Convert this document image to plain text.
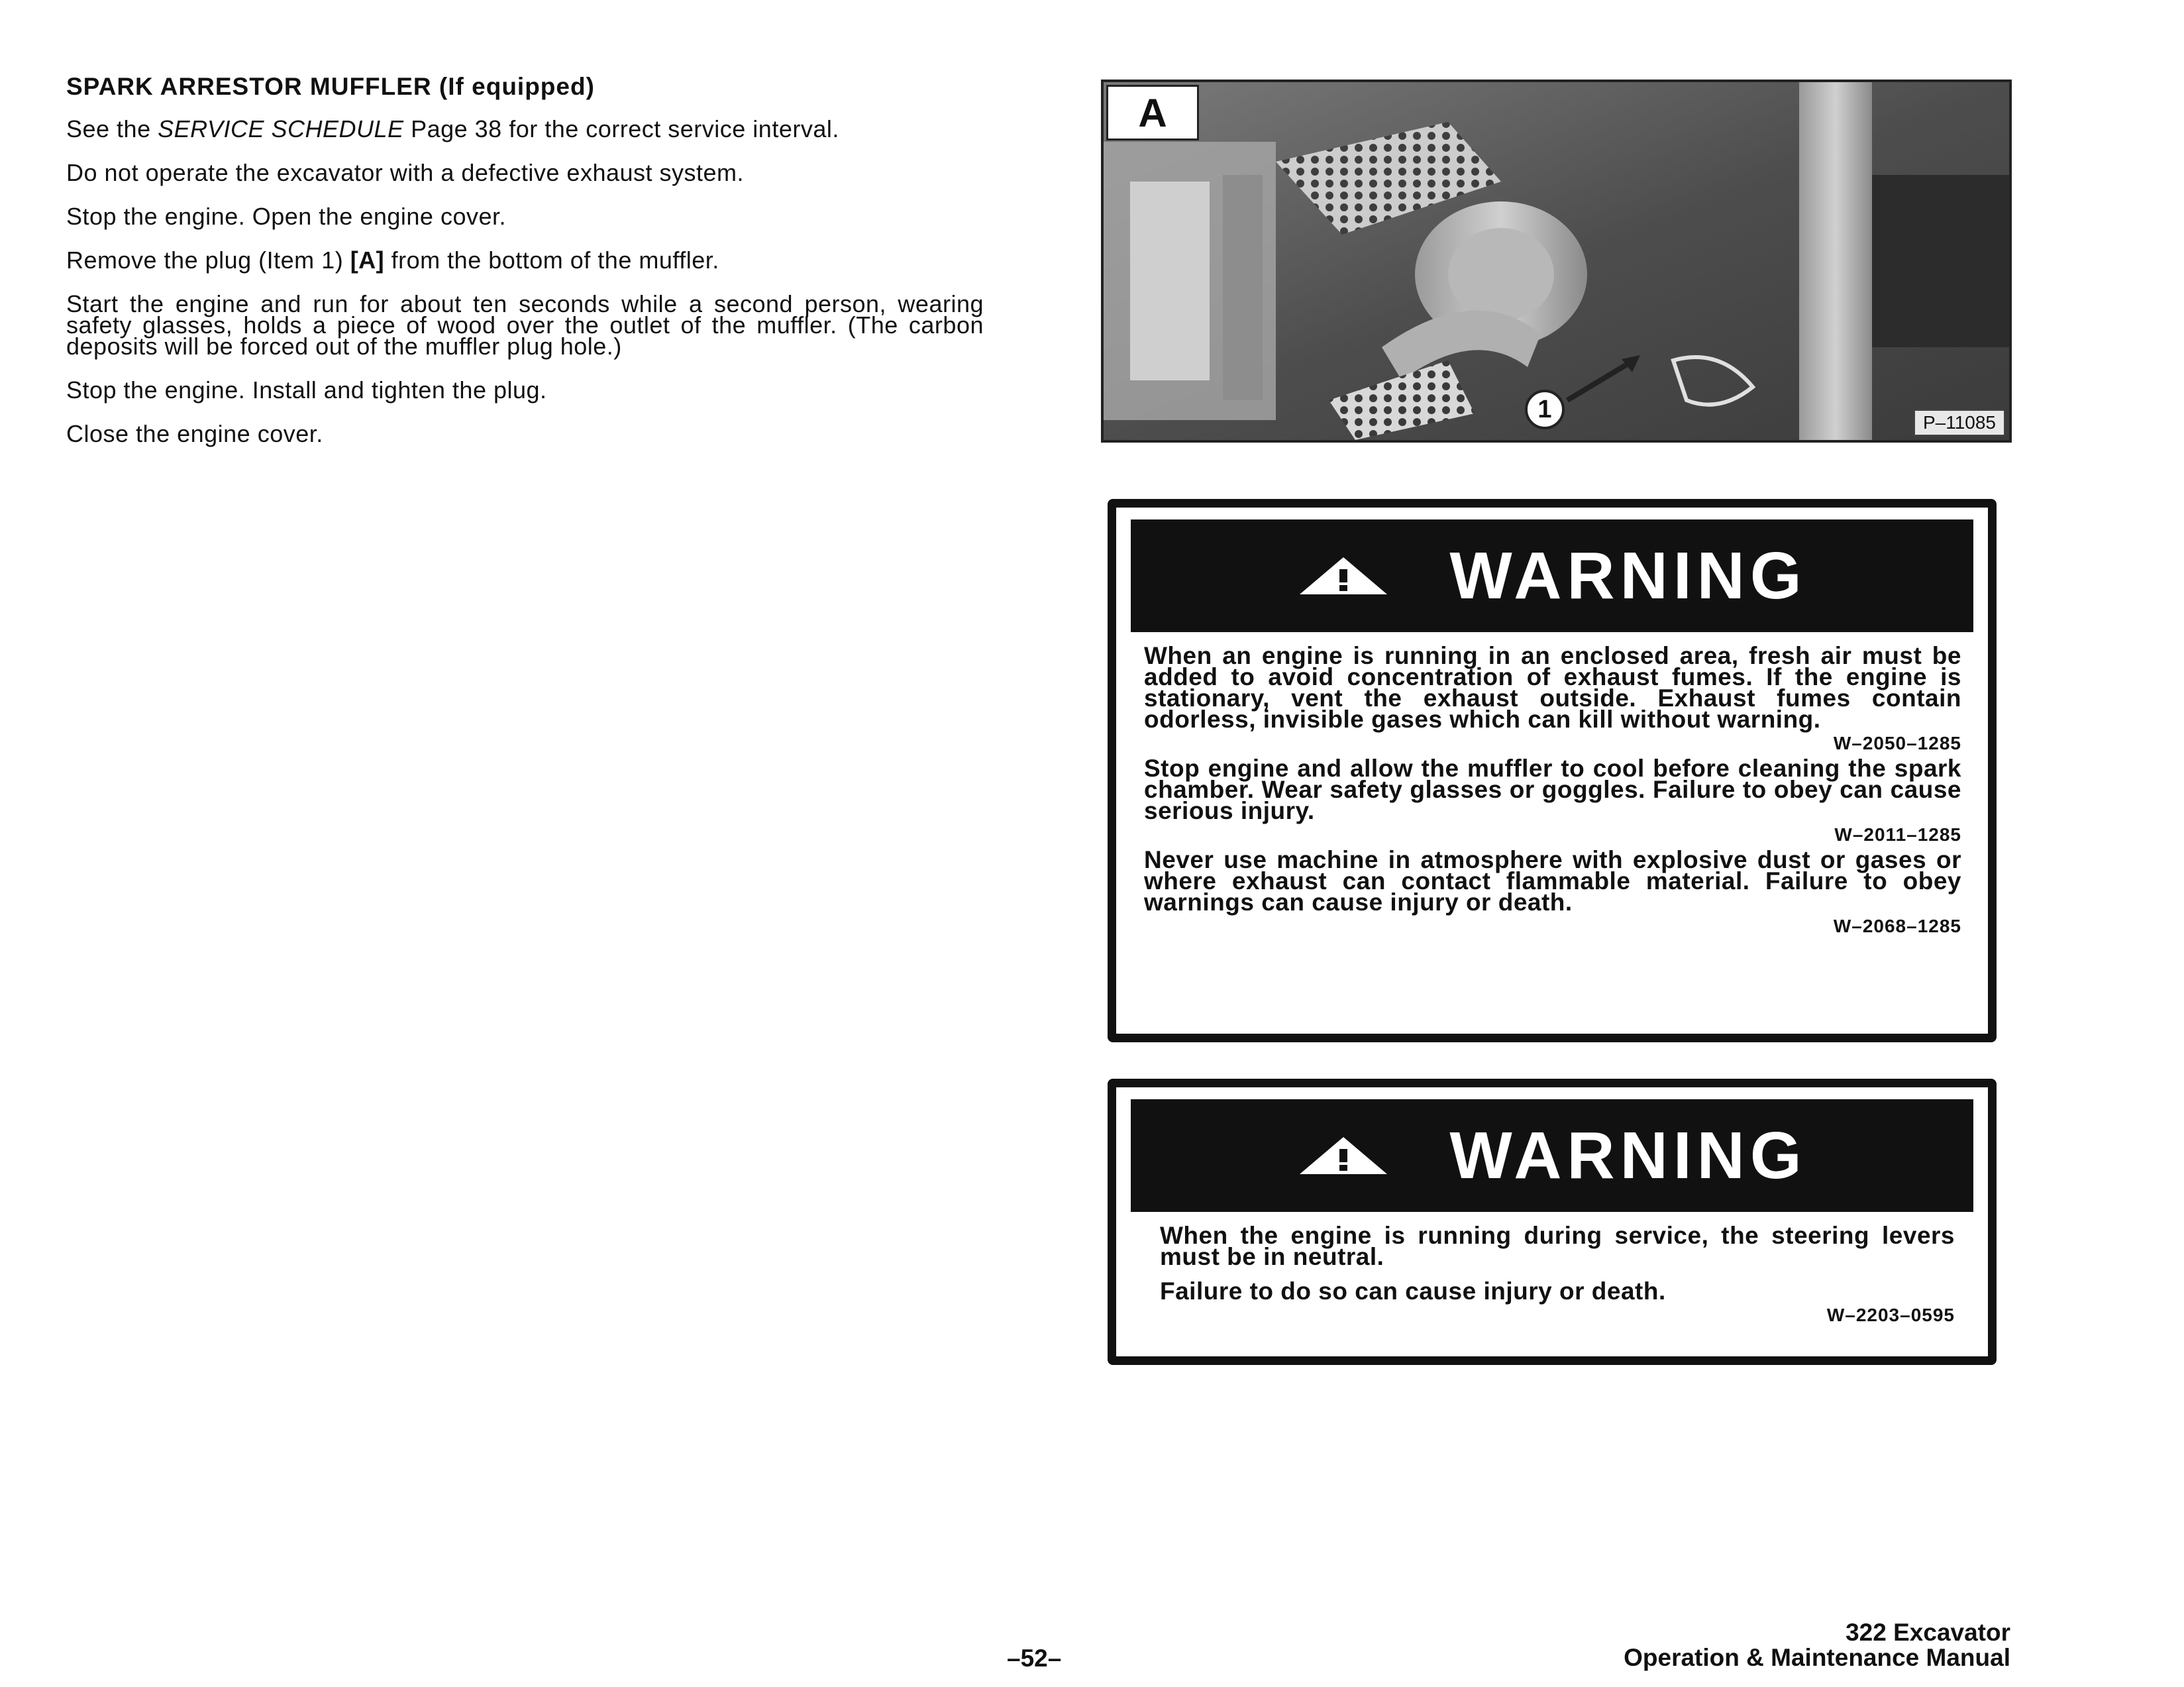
SPARK ARRESTOR MUFFLER (If equipped)

See the SERVICE SCHEDULE Page 38 for the correct service interval.

Do not operate the excavator with a defective exhaust system.

Stop the engine. Open the engine cover.

Remove the plug (Item 1) [A] from the bottom of the muffler.

Start the engine and run for about ten seconds while a second person, wearing safety glasses, holds a piece of wood over the outlet of the muffler. (The carbon deposits will be forced out of the muffler plug hole.)

Stop the engine. Install and tighten the plug.

Close the engine cover.

A
1	P–11085
WARNING

When an engine is running in an enclosed area, fresh air must be added to avoid concentration of exhaust fumes. If the engine is stationary, vent the exhaust outside. Exhaust fumes contain odorless, invisible gases which can kill without warning.

W–2050–1285

Stop engine and allow the muffler to cool before cleaning the spark chamber. Wear safety glasses or goggles. Failure to obey can cause serious injury.

W–2011–1285

Never use machine in atmosphere with explosive dust or gases or where exhaust can contact flammable material. Failure to obey warnings can cause injury or death.

W–2068–1285
WARNING

When the engine is running during service, the steering levers must be in neutral.

Failure to do so can cause injury or death.

W–2203–0595
–52–
322 Excavator
Operation & Maintenance Manual
